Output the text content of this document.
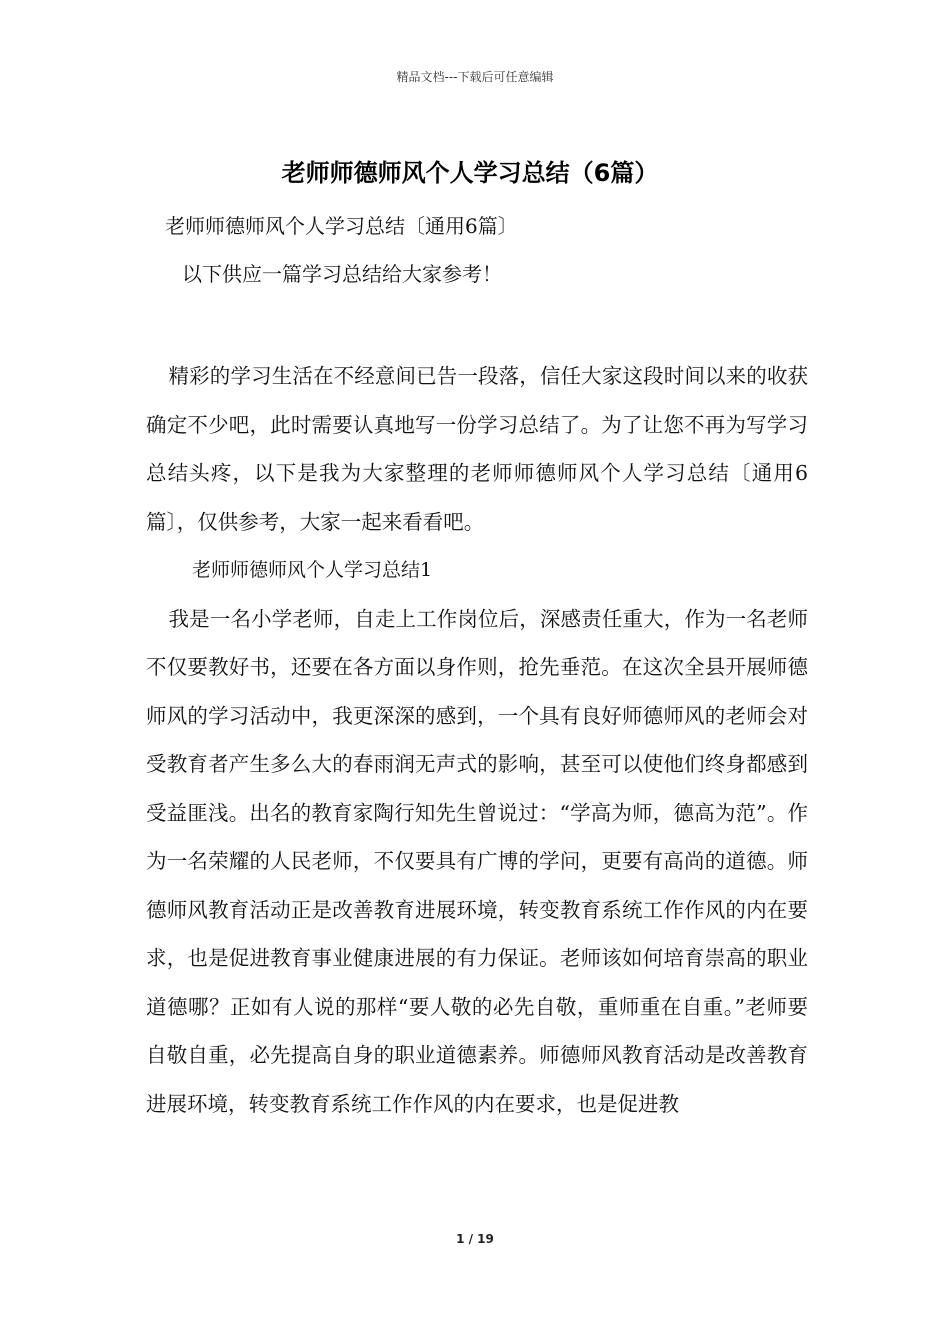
精品文档---下载后可任意编辑
老师师德师风个人学习总结（6篇）
老师师德师风个人学习总结〔通用6篇〕
以下供应一篇学习总结给大家参考！

精彩的学习生活在不经意间已告一段落，信任大家这段时间以来的收获确定不少吧，此时需要认真地写一份学习总结了。为了让您不再为写学习总结头疼，以下是我为大家整理的老师师德师风个人学习总结〔通用6篇〕，仅供参考，大家一起来看看吧。

老师师德师风个人学习总结1

我是一名小学老师，自走上工作岗位后，深感责任重大，作为一名老师不仅要教好书，还要在各方面以身作则，抢先垂范。在这次全县开展师德师风的学习活动中，我更深深的感到，一个具有良好师德师风的老师会对受教育者产生多么大的春雨润无声式的影响，甚至可以使他们终身都感到受益匪浅。出名的教育家陶行知先生曾说过：“学高为师，德高为范”。作为一名荣耀的人民老师，不仅要具有广博的学问，更要有高尚的道德。师德师风教育活动正是改善教育进展环境，转变教育系统工作作风的内在要求，也是促进教育事业健康进展的有力保证。老师该如何培育崇高的职业道德哪？正如有人说的那样“要人敬的必先自敬，重师重在自重。”老师要自敬自重，必先提高自身的职业道德素养。师德师风教育活动是改善教育进展环境，转变教育系统工作作风的内在要求，也是促进教

1 / 19
